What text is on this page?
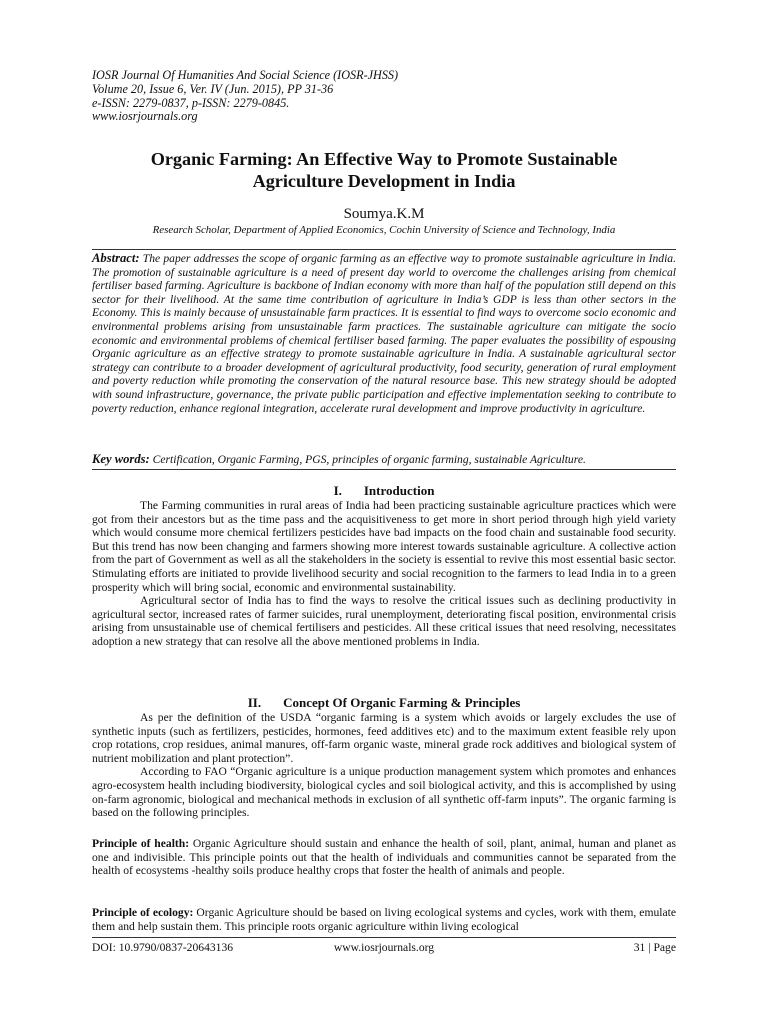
IOSR Journal Of Humanities And Social Science (IOSR-JHSS)
Volume 20, Issue 6, Ver. IV (Jun. 2015), PP 31-36
e-ISSN: 2279-0837, p-ISSN: 2279-0845.
www.iosrjournals.org
Organic Farming: An Effective Way to Promote Sustainable
Agriculture Development in India
Soumya.K.M
Research Scholar, Department of Applied Economics, Cochin University of Science and Technology, India
Abstract: The paper addresses the scope of organic farming as an effective way to promote sustainable agriculture in India. The promotion of sustainable agriculture is a need of present day world to overcome the challenges arising from chemical fertiliser based farming. Agriculture is backbone of Indian economy with more than half of the population still depend on this sector for their livelihood. At the same time contribution of agriculture in India’s GDP is less than other sectors in the Economy. This is mainly because of unsustainable farm practices. It is essential to find ways to overcome socio economic and environmental problems arising from unsustainable farm practices. The sustainable agriculture can mitigate the socio economic and environmental problems of chemical fertiliser based farming. The paper evaluates the possibility of espousing Organic agriculture as an effective strategy to promote sustainable agriculture in India. A sustainable agricultural sector strategy can contribute to a broader development of agricultural productivity, food security, generation of rural employment and poverty reduction while promoting the conservation of the natural resource base. This new strategy should be adopted with sound infrastructure, governance, the private public participation and effective implementation seeking to contribute to poverty reduction, enhance regional integration, accelerate rural development and improve productivity in agriculture.
Key words: Certification, Organic Farming, PGS, principles of organic farming, sustainable Agriculture.
I. Introduction

The Farming communities in rural areas of India had been practicing sustainable agriculture practices which were got from their ancestors but as the time pass and the acquisitiveness to get more in short period through high yield variety which would consume more chemical fertilizers pesticides have bad impacts on the food chain and sustainable food security. But this trend has now been changing and farmers showing more interest towards sustainable agriculture. A collective action from the part of Government as well as all the stakeholders in the society is essential to revive this most essential basic sector. Stimulating efforts are initiated to provide livelihood security and social recognition to the farmers to lead India in to a green prosperity which will bring social, economic and environmental sustainability.

Agricultural sector of India has to find the ways to resolve the critical issues such as declining productivity in agricultural sector, increased rates of farmer suicides, rural unemployment, deteriorating fiscal position, environmental crisis arising from unsustainable use of chemical fertilisers and pesticides. All these critical issues that need resolving, necessitates adoption a new strategy that can resolve all the above mentioned problems in India.

II. Concept Of Organic Farming & Principles

As per the definition of the USDA “organic farming is a system which avoids or largely excludes the use of synthetic inputs (such as fertilizers, pesticides, hormones, feed additives etc) and to the maximum extent feasible rely upon crop rotations, crop residues, animal manures, off-farm organic waste, mineral grade rock additives and biological system of nutrient mobilization and plant protection”.

According to FAO “Organic agriculture is a unique production management system which promotes and enhances agro-ecosystem health including biodiversity, biological cycles and soil biological activity, and this is accomplished by using on-farm agronomic, biological and mechanical methods in exclusion of all synthetic off-farm inputs”. The organic farming is based on the following principles.

Principle of health: Organic Agriculture should sustain and enhance the health of soil, plant, animal, human and planet as one and indivisible. This principle points out that the health of individuals and communities cannot be separated from the health of ecosystems -healthy soils produce healthy crops that foster the health of animals and people.
Principle of ecology: Organic Agriculture should be based on living ecological systems and cycles, work with them, emulate them and help sustain them. This principle roots organic agriculture within living ecological
DOI: 10.9790/0837-20643136	www.iosrjournals.org	31 | Page
